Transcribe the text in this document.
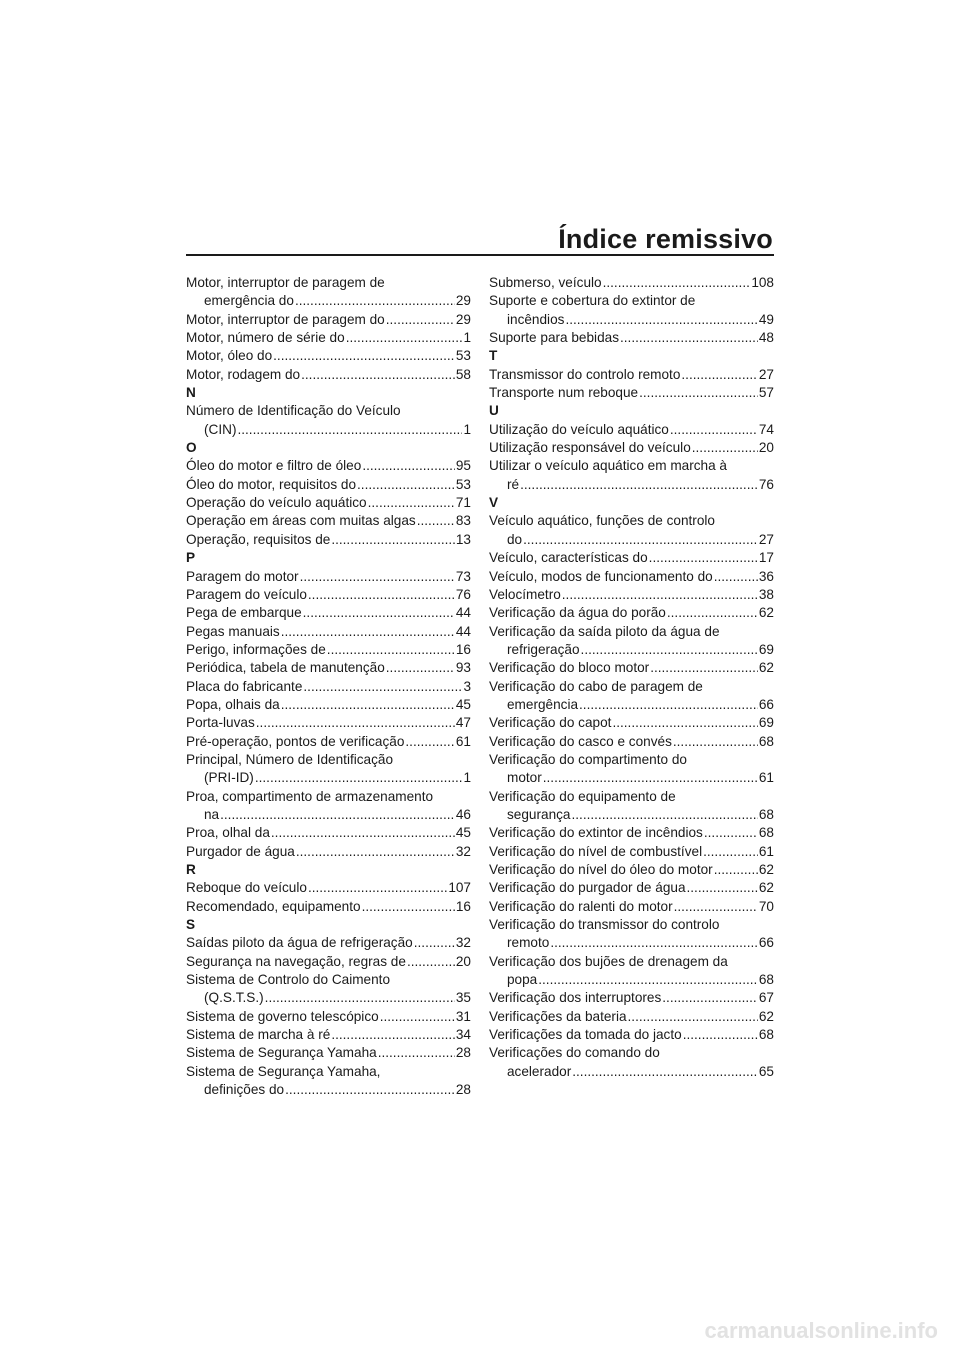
Índice remissivo
Motor, interruptor de paragem de
emergência do .....	29
Motor, interruptor de paragem do .....	29
Motor, número de série do .....	1
Motor, óleo do .....	53
Motor, rodagem do .....	58
N
Número de Identificação do Veículo
(CIN) .....	1
O
Óleo do motor e filtro de óleo .....	95
Óleo do motor, requisitos do .....	53
Operação do veículo aquático .....	71
Operação em áreas com muitas algas .....	83
Operação, requisitos de .....	13
P
Paragem do motor .....	73
Paragem do veículo .....	76
Pega de embarque .....	44
Pegas manuais .....	44
Perigo, informações de .....	16
Periódica, tabela de manutenção .....	93
Placa do fabricante .....	3
Popa, olhais da .....	45
Porta-luvas .....	47
Pré-operação, pontos de verificação .....	61
Principal, Número de Identificação
(PRI-ID) .....	1
Proa, compartimento de armazenamento
na .....	46
Proa, olhal da .....	45
Purgador de água .....	32
R
Reboque do veículo .....	107
Recomendado, equipamento .....	16
S
Saídas piloto da água de refrigeração .....	32
Segurança na navegação, regras de .....	20
Sistema de Controlo do Caimento
(Q.S.T.S.) .....	35
Sistema de governo telescópico .....	31
Sistema de marcha à ré .....	34
Sistema de Segurança Yamaha .....	28
Sistema de Segurança Yamaha,
definições do .....	28
Submerso, veículo .....	108
Suporte e cobertura do extintor de
incêndios .....	49
Suporte para bebidas .....	48
T
Transmissor do controlo remoto .....	27
Transporte num reboque .....	57
U
Utilização do veículo aquático .....	74
Utilização responsável do veículo .....	20
Utilizar o veículo aquático em marcha à
ré .....	76
V
Veículo aquático, funções de controlo
do .....	27
Veículo, características do .....	17
Veículo, modos de funcionamento do .....	36
Velocímetro .....	38
Verificação da água do porão .....	62
Verificação da saída piloto da água de
refrigeração .....	69
Verificação do bloco motor .....	62
Verificação do cabo de paragem de
emergência .....	66
Verificação do capot .....	69
Verificação do casco e convés .....	68
Verificação do compartimento do
motor .....	61
Verificação do equipamento de
segurança .....	68
Verificação do extintor de incêndios .....	68
Verificação do nível de combustível .....	61
Verificação do nível do óleo do motor .....	62
Verificação do purgador de água .....	62
Verificação do ralenti do motor .....	70
Verificação do transmissor do controlo
remoto .....	66
Verificação dos bujões de drenagem da
popa .....	68
Verificação dos interruptores .....	67
Verificações da bateria .....	62
Verificações da tomada do jacto .....	68
Verificações do comando do
acelerador .....	65
carmanualsonline.info
